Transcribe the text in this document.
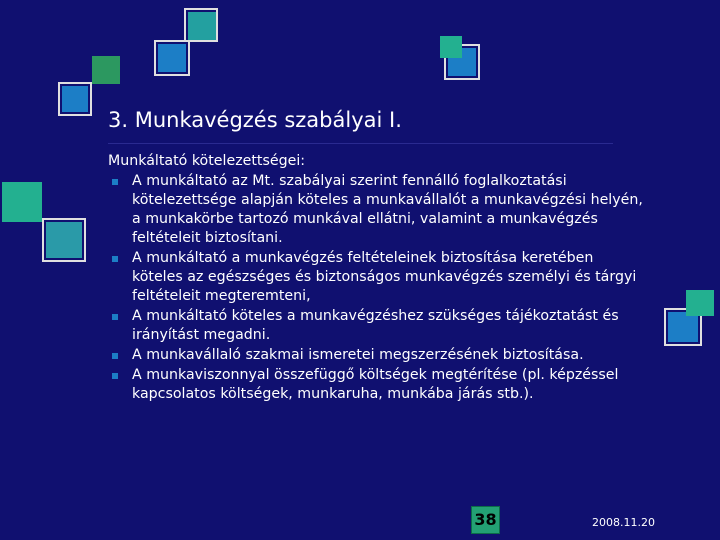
3. Munkavégzés szabályai I.
Munkáltató kötelezettségei:
A munkáltató az Mt. szabályai szerint fennálló foglalkoztatási kötelezettsége alapján köteles a munkavállalót a munkavégzési helyén, a munkakörbe tartozó munkával ellátni, valamint a munkavégzés feltételeit biztosítani.
A munkáltató a munkavégzés feltételeinek biztosítása keretében köteles az egészséges és biztonságos munkavégzés személyi és tárgyi feltételeit megteremteni,
A munkáltató köteles a munkavégzéshez szükséges tájékoztatást és irányítást megadni.
A munkavállaló szakmai ismeretei megszerzésének biztosítása.
A munkaviszonnyal összefüggő költségek megtérítése (pl. képzéssel kapcsolatos költségek, munkaruha, munkába járás stb.).
38	2008.11.20
